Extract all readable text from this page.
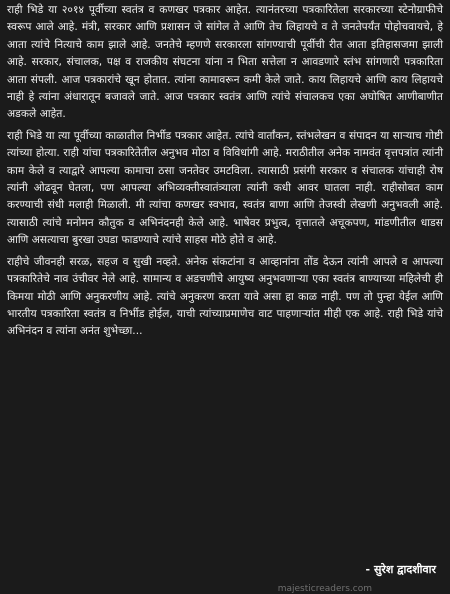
राही भिडे या २०१४ पूर्वीच्या स्वतंत्र व कणखर पत्रकार आहेत. त्यानंतरच्या पत्रकारितेला सरकारच्या स्टेनोग्राफीचे स्वरूप आले आहे. मंत्री, सरकार आणि प्रशासन जे सांगेल ते आणि तेच लिहायचे व ते जनतेपर्यंत पोहोचवायचे, हे आता त्यांचे नित्याचे काम झाले आहे. जनतेचे म्हणणे सरकारला सांगण्याची पूर्वीची रीत आता इतिहासजमा झाली आहे. सरकार, संचालक, पक्ष व राजकीय संघटना यांना न भिता सत्तेला न आवडणारे स्तंभ सांगणारी पत्रकारिता आता संपली. आज पत्रकारांचे खून होतात. त्यांना कामावरून कमी केले जाते. काय लिहायचे आणि काय लिहायचे नाही हे त्यांना अंधारातून बजावले जाते. आज पत्रकार स्वतंत्र आणि त्यांचे संचालकच एका अघोषित आणीबाणीत अडकले आहेत.

राही भिडे या त्या पूर्वीच्या काळातील निर्भीड पत्रकार आहेत. त्यांचे वार्तांकन, स्तंभलेखन व संपादन या साऱ्याच गोष्टी त्यांच्या होत्या. राही यांचा पत्रकारितेतील अनुभव मोठा व विविधांगी आहे. मराठीतील अनेक नामवंत वृत्तपत्रांत त्यांनी काम केले व त्याद्वारे आपल्या कामाचा ठसा जनतेवर उमटविला. त्यासाठी प्रसंगी सरकार व संचालक यांचाही रोष त्यांनी ओढवून घेतला, पण आपल्या अभिव्यक्तीस्वातंत्र्याला त्यांनी कधी आवर घातला नाही. राहीसोबत काम करण्याची संधी मलाही मिळाली. मी त्यांचा कणखर स्वभाव, स्वतंत्र बाणा आणि तेजस्वी लेखणी अनुभवली आहे. त्यासाठी त्यांचे मनोमन कौतुक व अभिनंदनही केले आहे. भाषेवर प्रभुत्व, वृत्तातले अचूकपण, मांडणीतील धाडस आणि असत्याचा बुरखा उघडा फाडण्याचे त्यांचे साहस मोठे होते व आहे.

राहीचे जीवनही सरळ, सहज व सुखी नव्हते. अनेक संकटांना व आव्हानांना तोंड देऊन त्यांनी आपले व आपल्या पत्रकारितेचे नाव उंचीवर नेले आहे. सामान्य व अडचणीचे आयुष्य अनुभवणाऱ्या एका स्वतंत्र बाण्याच्या महिलेची ही किमया मोठी आणि अनुकरणीय आहे. त्यांचे अनुकरण करता यावे असा हा काळ नाही. पण तो पुन्हा येईल आणि भारतीय पत्रकारिता स्वतंत्र व निर्भीड होईल, याची त्यांच्याप्रमाणेच वाट पाहणाऱ्यांत मीही एक आहे. राही भिडे यांचे अभिनंदन व त्यांना अनंत शुभेच्छा...

- सुरेश द्वादशीवार
majesticreaders.com
